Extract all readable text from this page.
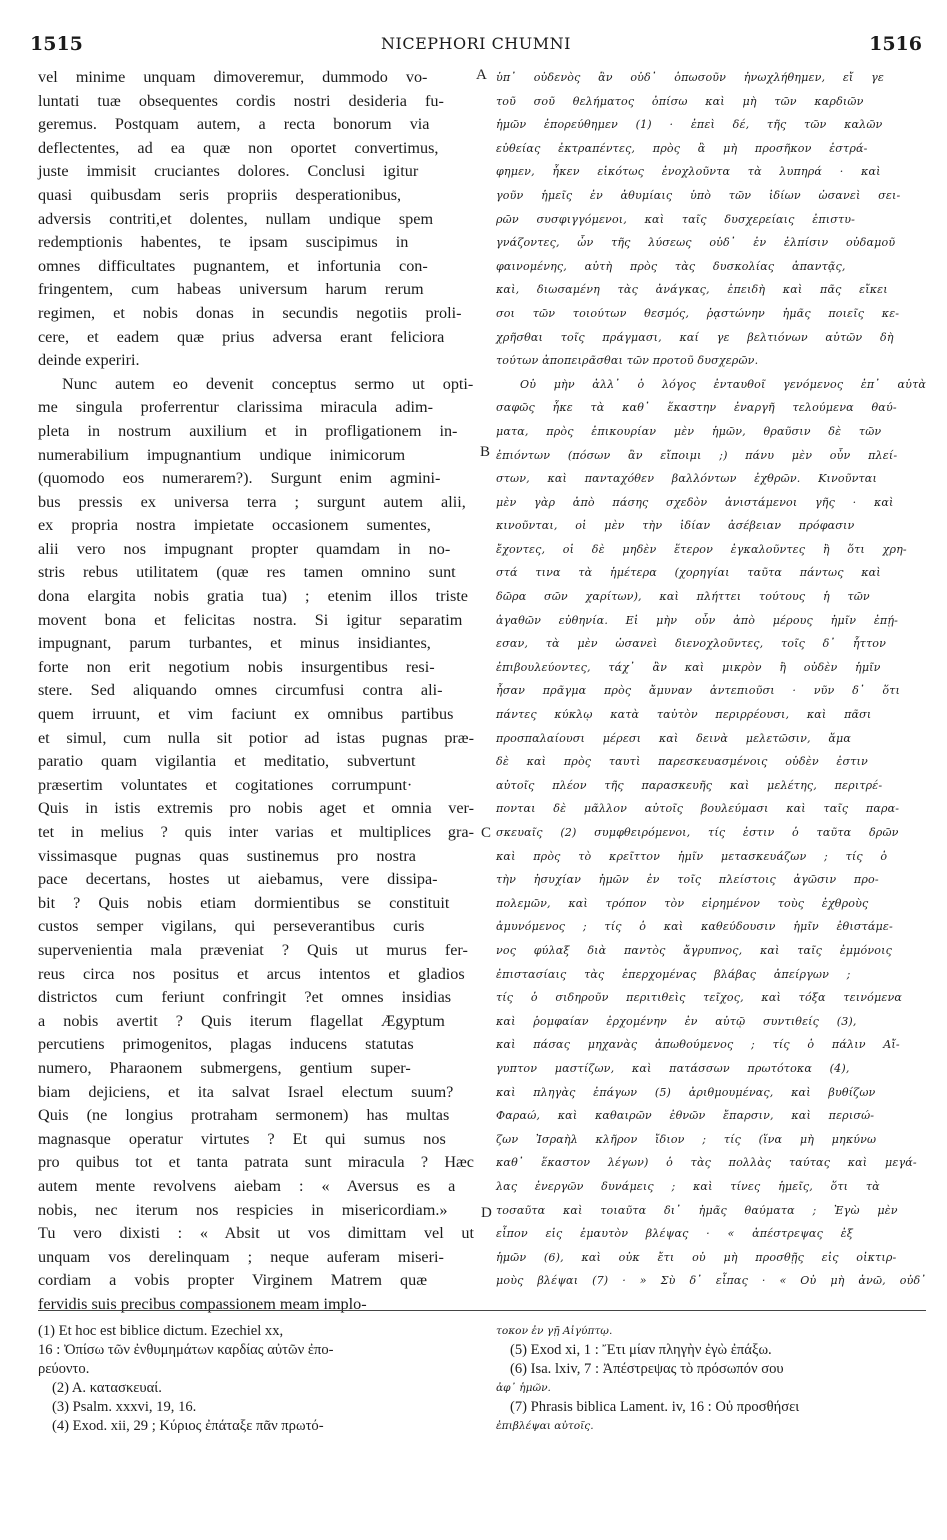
1515	NICEPHORI CHUMNI	1516
vel minime unquam dimoveremur, dummodo vo-
luntati tuæ obsequentes cordis nostri desideria fu-
geremus. Postquam autem, a recta bonorum via
deflectentes, ad ea quæ non oportet convertimus,
juste immisit cruciantes dolores. Conclusi igitur
quasi quibusdam seris propriis desperationibus,
adversis contriti,et dolentes, nullam undique spem
redemptionis habentes, te ipsam suscipimus in
omnes difficultates pugnantem, et infortunia con-
fringentem, cum habeas universum harum rerum
regimen, et nobis donas in secundis negotiis proli-
cere, et eadem quæ prius adversa erant feliciora
deinde experiri.
Nunc autem eo devenit conceptus sermo ut opti-
me singula proferrentur clarissima miracula adim-
pleta in nostrum auxilium et in profligationem in-
numerabilium impugnantium undique inimicorum
(quomodo eos numerarem?). Surgunt enim agmini-
bus pressis ex universa terra ; surgunt autem alii,
ex propria nostra impietate occasionem sumentes,
alii vero nos impugnant propter quamdam in no-
stris rebus utilitatem (quæ res tamen omnino sunt
dona elargita nobis gratia tua) ; etenim illos triste
movent bona et felicitas nostra. Si igitur separatim
impugnant, parum turbantes, et minus insidiantes,
forte non erit negotium nobis insurgentibus resi-
stere. Sed aliquando omnes circumfusi contra ali-
quem irruunt, et vim faciunt ex omnibus partibus
et simul, cum nulla sit potior ad istas pugnas præ-
paratio quam vigilantia et meditatio, subvertunt
præsertim voluntates et cogitationes corrumpunt·
Quis in istis extremis pro nobis aget et omnia ver-
tet in melius ? quis inter varias et multiplices gra-
vissimasque pugnas quas sustinemus pro nostra
pace decertans, hostes ut aiebamus, vere dissipa-
bit ? Quis nobis etiam dormientibus se constituit
custos semper vigilans, qui perseverantibus curis
supervenientia mala præveniat ? Quis ut murus fer-
reus circa nos positus et arcus intentos et gladios
districtos cum feriunt confringit ?et omnes insidias
a nobis avertit ? Quis iterum flagellat Ægyptum
percutiens primogenitos, plagas inducens statutas
numero, Pharaonem submergens, gentium super-
biam dejiciens, et ita salvat Israel electum suum?
Quis (ne longius protraham sermonem) has multas
magnasque operatur virtutes ? Et qui sumus nos
pro quibus tot et tanta patrata sunt miracula ? Hæc
autem mente revolvens aiebam : « Aversus es a
nobis, nec iterum nos respicies in misericordiam.»
Tu vero dixisti : « Absit ut vos dimittam vel ut
unquam vos derelinquam ; neque auferam miseri-
cordiam a vobis propter Virginem Matrem quæ
fervidis suis precibus compassionem meam implo-
ὑπ᾽ οὐδενὸς ἂν οὐδ᾽ ὁπωσοῦν ἠνωχλήθημεν, εἴ γε
τοῦ σοῦ θελήματος ὀπίσω καὶ μὴ τῶν καρδιῶν
ἡμῶν ἐπορεύθημεν (1) · ἐπεὶ δέ, τῆς τῶν καλῶν
εὐθείας ἐκτραπέντες, πρὸς ἃ μὴ προσῆκον ἐστρά-
φημεν, ἧκεν εἰκότως ἐνοχλοῦντα τὰ λυπηρά · καὶ
γοῦν ἡμεῖς ἐν ἀθυμίαις ὑπὸ τῶν ἰδίων ὡσανεὶ σει-
ρῶν συσφιγγόμενοι, καὶ ταῖς δυσχερείαις ἐπιστυ-
γνάζοντες, ὧν τῆς λύσεως οὐδ᾽ ἐν ἐλπίσιν οὐδαμοῦ
φαινομένης, αὐτὴ πρὸς τὰς δυσκολίας ἀπαντᾷς,
καὶ, διωσαμένη τὰς ἀνάγκας, ἐπειδὴ καὶ πᾶς εἴκει
σοι τῶν τοιούτων θεσμός, ῥᾳστώνην ἡμᾶς ποιεῖς κε-
χρῆσθαι τοῖς πράγμασι, καί γε βελτιόνων αὐτῶν δὴ
τούτων ἀποπειρᾶσθαι τῶν προτοῦ δυσχερῶν.
Οὐ μὴν ἀλλ᾽ ὁ λόγος ἐνταυθοῖ γενόμενος ἐπ᾽ αὐτὰ
σαφῶς ἧκε τὰ καθ᾽ ἕκαστην ἐναργῆ τελούμενα θαύ-
ματα, πρὸς ἐπικουρίαν μὲν ἡμῶν, θραῦσιν δὲ τῶν
ἐπιόντων (πόσων ἂν εἴποιμι ;) πάνυ μὲν οὖν πλεί-
στων, καὶ πανταχόθεν βαλλόντων ἐχθρῶν. Κινοῦνται
μὲν γὰρ ἀπὸ πάσης σχεδὸν ἀνιστάμενοι γῆς · καὶ
κινοῦνται, οἱ μὲν τὴν ἰδίαν ἀσέβειαν πρόφασιν
ἔχοντες, οἱ δὲ μηδὲν ἕτερον ἐγκαλοῦντες ἢ ὅτι χρη-
στά τινα τὰ ἡμέτερα (χορηγίαι ταῦτα πάντως καὶ
δῶρα σῶν χαρίτων), καὶ πλήττει τούτους ἡ τῶν
ἀγαθῶν εὐθηνία. Εἰ μὴν οὖν ἀπὸ μέρους ἡμῖν ἐπῄ-
εσαν, τὰ μὲν ὡσανεὶ διενοχλοῦντες, τοῖς δ᾽ ἧττον
ἐπιβουλεύοντες, τάχ᾽ ἂν καὶ μικρὸν ἢ οὐδὲν ἡμῖν
ἦσαν πρᾶγμα πρὸς ἄμυναν ἀντεπιοῦσι · νῦν δ᾽ ὅτι
πάντες κύκλῳ κατὰ ταὐτὸν περιρρέουσι, καὶ πᾶσι
προσπαλαίουσι μέρεσι καὶ δεινὰ μελετῶσιν, ἅμα
δὲ καὶ πρὸς ταυτὶ παρεσκευασμένοις οὐδὲν ἐστιν
αὐτοῖς πλέον τῆς παρασκευῆς καὶ μελέτης, περιτρέ-
πονται δὲ μᾶλλον αὐτοῖς βουλεύμασι καὶ ταῖς παρα-
σκευαῖς (2) συμφθειρόμενοι, τίς ἐστιν ὁ ταῦτα δρῶν
καὶ πρὸς τὸ κρεῖττον ἡμῖν μετασκευάζων ; τίς ὁ
τὴν ἡσυχίαν ἡμῶν ἐν τοῖς πλείστοις ἀγῶσιν προ-
πολεμῶν, καὶ τρόπον τὸν εἰρημένον τοὺς ἐχθροὺς
ἀμυνόμενος ; τίς ὁ καὶ καθεύδουσιν ἡμῖν ἐθιστάμε-
νος φύλαξ διὰ παντὸς ἄγρυπνος, καὶ ταῖς ἐμμόνοις
ἐπιστασίαις τὰς ἐπερχομένας βλάβας ἀπείργων ;
τίς ὁ σιδηροῦν περιτιθεὶς τεῖχος, καὶ τόξα τεινόμενα
καὶ ῥομφαίαν ἐρχομένην ἐν αὐτῷ συντιθείς (3),
καὶ πάσας μηχανὰς ἀπωθούμενος ; τίς ὁ πάλιν Αἴ-
γυπτον μαστίζων, καὶ πατάσσων πρωτότοκα (4),
καὶ πληγὰς ἐπάγων (5) ἀριθμουμένας, καὶ βυθίζων
Φαραώ, καὶ καθαιρῶν ἐθνῶν ἔπαρσιν, καὶ περισώ-
ζων Ἰσραὴλ κλῆρον ἴδιον ; τίς (ἵνα μὴ μηκύνω
καθ᾽ ἕκαστον λέγων) ὁ τὰς πολλὰς ταύτας καὶ μεγά-
λας ἐνεργῶν δυνάμεις ; καὶ τίνες ἡμεῖς, ὅτι τὰ
τοσαῦτα καὶ τοιαῦτα δι᾽ ἡμᾶς θαύματα ; Ἐγὼ μὲν
εἶπον εἰς ἐμαυτὸν βλέψας · « ἀπέστρεψας ἐξ
ἡμῶν (6), καὶ οὐκ ἔτι οὐ μὴ προσθῇς εἰς οἰκτιρ-
μοὺς βλέψαι (7) · » Σὺ δ᾽ εἶπας · « Οὐ μὴ ἀνῶ, οὐδ᾽
A
B
C
D
(1) Et hoc est biblice dictum. Ezechiel xx,
16 : Ὀπίσω τῶν ἐνθυμημάτων καρδίας αὐτῶν ἐπο-
ρεύοντο.
(2) A. κατασκευαί.
(3) Psalm. xxxvi, 19, 16.
(4) Exod. xii, 29 ; Κύριος ἐπάταξε πᾶν πρωτό-
τοκον ἐν γῇ Αἰγύπτῳ.
(5) Exod xi, 1 : Ἔτι μίαν πληγὴν ἐγὼ ἐπάξω.
(6) Isa. lxiv, 7 : Ἀπέστρεψας τὸ πρόσωπόν σου
ἀφ᾽ ἡμῶν.
(7) Phrasis biblica Lament. iv, 16 : Οὐ προσθήσει
ἐπιβλέψαι αὐτοῖς.
